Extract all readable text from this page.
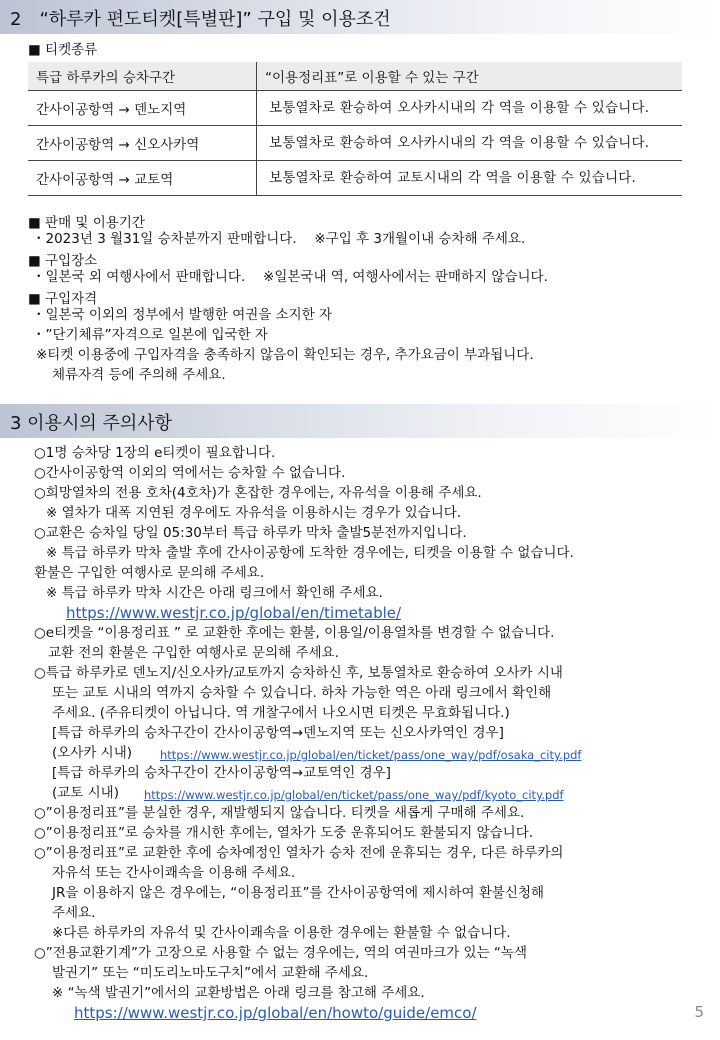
2　“하루카 편도티켓[특별판]” 구입 및 이용조건
■ 티켓종류
특급 하루카의 승차구간	“이용정리표”로 이용할 수 있는 구간
간사이공항역 → 덴노지역	보통열차로 환승하여 오사카시내의 각 역을 이용할 수 있습니다.
간사이공항역 → 신오사카역	보통열차로 환승하여 오사카시내의 각 역을 이용할 수 있습니다.
간사이공항역 → 교토역	보통열차로 환승하여 교토시내의 각 역을 이용할 수 있습니다.
■ 판매 및 이용기간
・2023년 3 월31일 승차분까지 판매합니다.　 ※구입 후 3개월이내 승차해 주세요.
■ 구입장소
・일본국 외 여행사에서 판매합니다.　 ※일본국내 역, 여행사에서는 판매하지 않습니다.
■ 구입자격
・일본국 이외의 정부에서 발행한 여권을 소지한 자
・”단기체류”자격으로 일본에 입국한 자
※티켓 이용중에 구입자격을 충족하지 않음이 확인되는 경우, 추가요금이 부과됩니다.
체류자격 등에 주의해 주세요.
3 이용시의 주의사항
○1명 승차당 1장의 e티켓이 필요합니다.
○간사이공항역 이외의 역에서는 승차할 수 없습니다.
○희망열차의 전용 호차(4호차)가 혼잡한 경우에는, 자유석을 이용해 주세요.
※ 열차가 대폭 지연된 경우에도 자유석을 이용하시는 경우가 있습니다.
○교환은 승차일 당일 05:30부터 특급 하루카 막차 출발5분전까지입니다.
※ 특급 하루카 막차 출발 후에 간사이공항에 도착한 경우에는, 티켓을 이용할 수 없습니다.
환불은 구입한 여행사로 문의해 주세요.
※ 특급 하루카 막차 시간은 아래 링크에서 확인해 주세요.
https://www.westjr.co.jp/global/en/timetable/
○e티켓을 “이용정리표 ” 로 교환한 후에는 환불, 이용일/이용열차를 변경할 수 없습니다.
교환 전의 환불은 구입한 여행사로 문의해 주세요.
○특급 하루카로 덴노지/신오사카/교토까지 승차하신 후, 보통열차로 환승하여 오사카 시내
또는 교토 시내의 역까지 승차할 수 있습니다. 하차 가능한 역은 아래 링크에서 확인해
주세요. (주유티켓이 아닙니다. 역 개찰구에서 나오시면 티켓은 무효화됩니다.)
[특급 하루카의 승차구간이 간사이공항역→덴노지역 또는 신오사카역인 경우]
(오사카 시내) https://www.westjr.co.jp/global/en/ticket/pass/one_way/pdf/osaka_city.pdf
[특급 하루카의 승차구간이 간사이공항역→교토역인 경우]
(교토 시내) https://www.westjr.co.jp/global/en/ticket/pass/one_way/pdf/kyoto_city.pdf
○”이용정리표”를 분실한 경우, 재발행되지 않습니다. 티켓을 새롭게 구매해 주세요.
○”이용정리표”로 승차를 개시한 후에는, 열차가 도중 운휴되어도 환불되지 않습니다.
○”이용정리표”로 교환한 후에 승차예정인 열차가 승차 전에 운휴되는 경우, 다른 하루카의
자유석 또는 간사이쾌속을 이용해 주세요.
JR을 이용하지 않은 경우에는, “이용정리표”를 간사이공항역에 제시하여 환불신청해
주세요.
※다른 하루카의 자유석 및 간사이쾌속을 이용한 경우에는 환불할 수 없습니다.
○”전용교환기계”가 고장으로 사용할 수 없는 경우에는, 역의 여권마크가 있는 “녹색
발권기” 또는 “미도리노마도구치”에서 교환해 주세요.
※ “녹색 발권기”에서의 교환방법은 아래 링크를 참고해 주세요.
https://www.westjr.co.jp/global/en/howto/guide/emco/	5
